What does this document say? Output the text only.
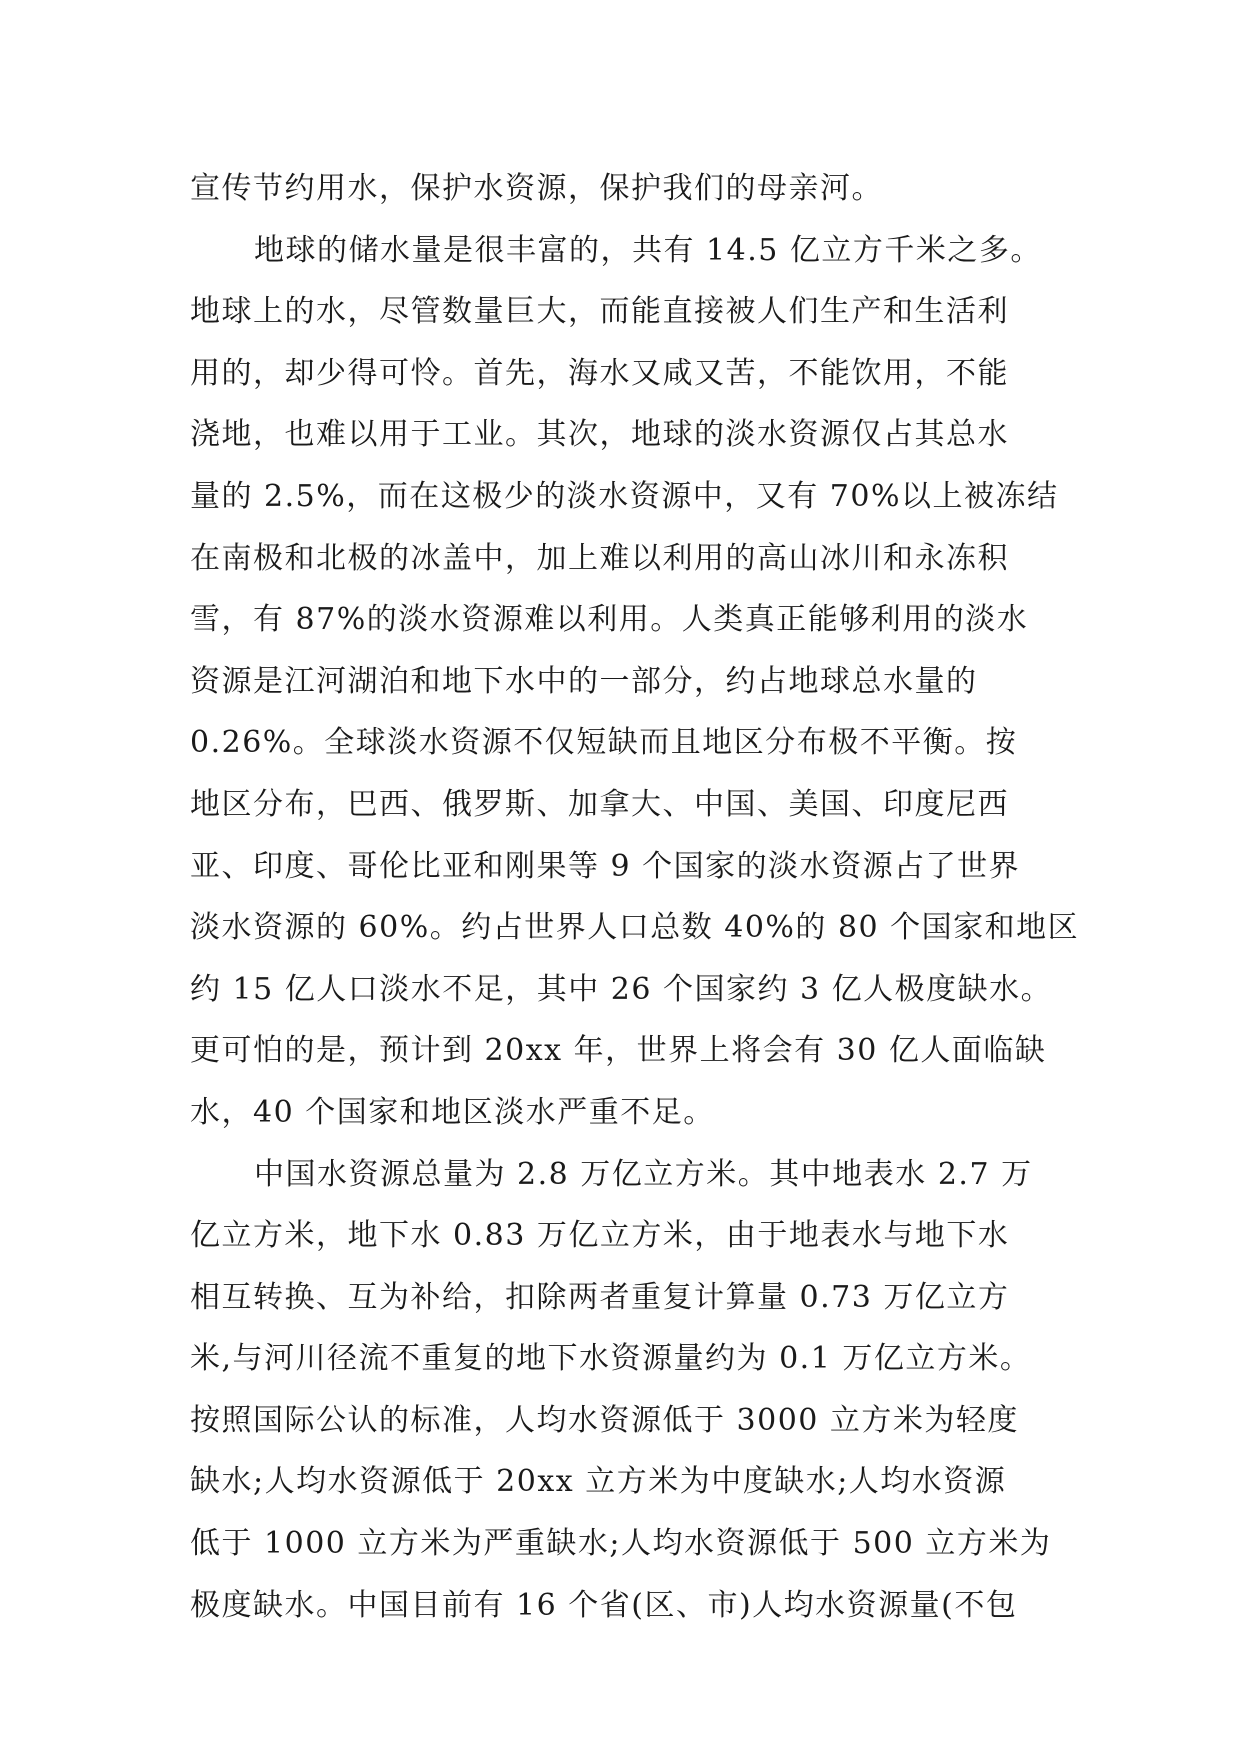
宣传节约用水，保护水资源，保护我们的母亲河。
地球的储水量是很丰富的，共有 14.5 亿立方千米之多。
地球上的水，尽管数量巨大，而能直接被人们生产和生活利
用的，却少得可怜。首先，海水又咸又苦，不能饮用，不能
浇地，也难以用于工业。其次，地球的淡水资源仅占其总水
量的 2.5%，而在这极少的淡水资源中，又有 70%以上被冻结
在南极和北极的冰盖中，加上难以利用的高山冰川和永冻积
雪，有 87%的淡水资源难以利用。人类真正能够利用的淡水
资源是江河湖泊和地下水中的一部分，约占地球总水量的
0.26%。全球淡水资源不仅短缺而且地区分布极不平衡。按
地区分布，巴西、俄罗斯、加拿大、中国、美国、印度尼西
亚、印度、哥伦比亚和刚果等 9 个国家的淡水资源占了世界
淡水资源的 60%。约占世界人口总数 40%的 80 个国家和地区
约 15 亿人口淡水不足，其中 26 个国家约 3 亿人极度缺水。
更可怕的是，预计到 20xx 年，世界上将会有 30 亿人面临缺
水，40 个国家和地区淡水严重不足。
中国水资源总量为 2.8 万亿立方米。其中地表水 2.7 万
亿立方米，地下水 0.83 万亿立方米，由于地表水与地下水
相互转换、互为补给，扣除两者重复计算量 0.73 万亿立方
米,与河川径流不重复的地下水资源量约为 0.1 万亿立方米。
按照国际公认的标准，人均水资源低于 3000 立方米为轻度
缺水;人均水资源低于 20xx 立方米为中度缺水;人均水资源
低于 1000 立方米为严重缺水;人均水资源低于 500 立方米为
极度缺水。中国目前有 16 个省(区、市)人均水资源量(不包
